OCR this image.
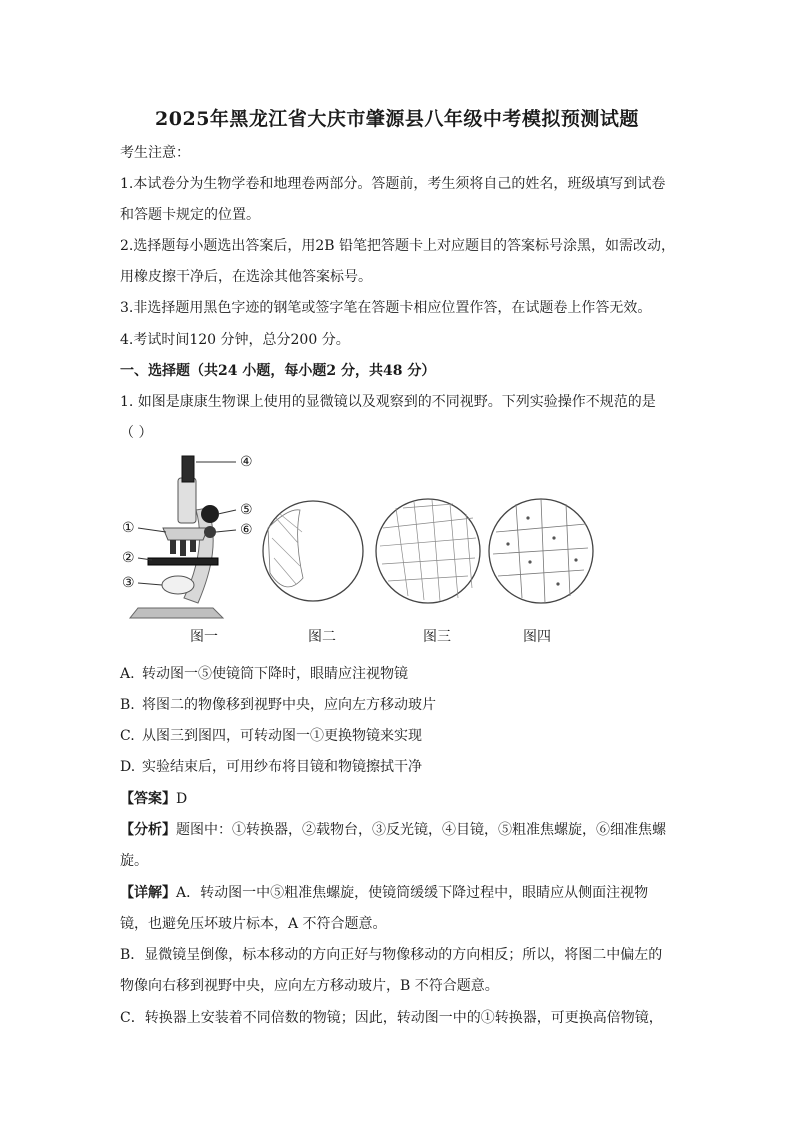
2025年黑龙江省大庆市肇源县八年级中考模拟预测试题
考生注意：
1.本试卷分为生物学卷和地理卷两部分。答题前，考生须将自己的姓名，班级填写到试卷
和答题卡规定的位置。
2.选择题每小题选出答案后，用2B 铅笔把答题卡上对应题目的答案标号涂黑，如需改动，
用橡皮擦干净后，在选涂其他答案标号。
3.非选择题用黑色字迹的钢笔或签字笔在答题卡相应位置作答，在试题卷上作答无效。
4.考试时间120 分钟，总分200 分。
一、选择题（共24 小题，每小题2 分，共48 分）
1. 如图是康康生物课上使用的显微镜以及观察到的不同视野。下列实验操作不规范的是
（ ）
④
⑤
⑥
①
②
③
图一	图二	图三	图四
A. 转动图一⑤使镜筒下降时，眼睛应注视物镜
B. 将图二的物像移到视野中央，应向左方移动玻片
C. 从图三到图四，可转动图一①更换物镜来实现
D. 实验结束后，可用纱布将目镜和物镜擦拭干净
【答案】D
【分析】题图中：①转换器，②载物台，③反光镜，④目镜，⑤粗准焦螺旋，⑥细准焦螺
旋。
【详解】A．转动图一中⑤粗准焦螺旋，使镜筒缓缓下降过程中，眼睛应从侧面注视物
镜，也避免压坏玻片标本，A 不符合题意。
B．显微镜呈倒像，标本移动的方向正好与物像移动的方向相反；所以，将图二中偏左的
物像向右移到视野中央，应向左方移动玻片，B 不符合题意。
C．转换器上安装着不同倍数的物镜；因此，转动图一中的①转换器，可更换高倍物镜，
